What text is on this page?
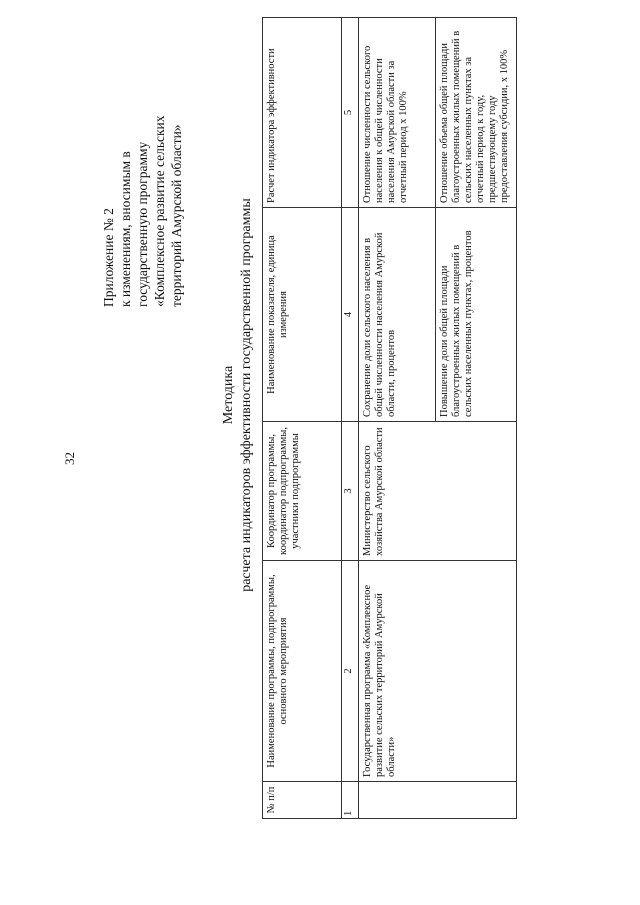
32
Приложение № 2 к изменениям, вносимым в государственную программу «Комплексное развитие сельских территорий Амурской области»
Методика расчета индикаторов эффективности государственной программы
№ п/п	Наименование программы, подпрограммы, основного мероприятия	Координатор программы, координатор подпрограммы, участники подпрограммы	Наименование показателя, единица измерения	Расчет индикатора эффективности
1	2	3	4	5
	Государственная программа «Комплексное развитие сельских территорий Амурской области»	Министерство сельского хозяйства Амурской области	Сохранение доли сельского населения в общей численности населения Амурской области, процентов	Отношение численности сельского населения к общей численности населения Амурской области за отчетный период х 100%
			Повышение доли общей площади благоустроенных жилых помещений в сельских населенных пунктах, процентов	Отношение объема общей площади благоустроенных жилых помещений в сельских населенных пунктах за отчетный период к году, предшествующему году предоставления субсидии, х 100%
